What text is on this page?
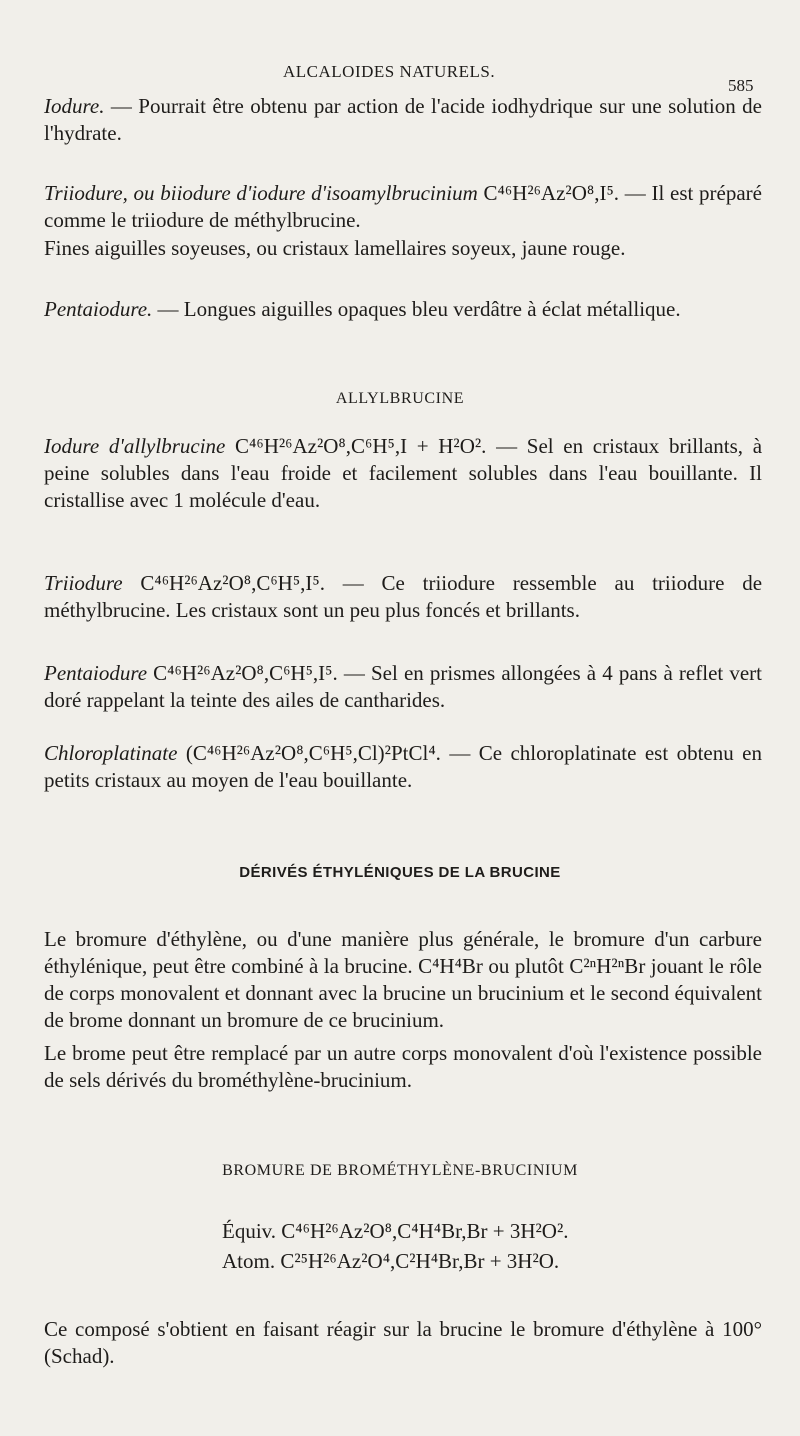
ALCALOIDES NATURELS.
585
Iodure. — Pourrait être obtenu par action de l'acide iodhydrique sur une solution de l'hydrate.
Triiodure, ou biiodure d'iodure d'isoamylbrucinium C⁴⁶H²⁶Az²O⁸,I⁵. — Il est préparé comme le triiodure de méthylbrucine.
Fines aiguilles soyeuses, ou cristaux lamellaires soyeux, jaune rouge.
Pentaiodure. — Longues aiguilles opaques bleu verdâtre à éclat métallique.
ALLYLBRUCINE
Iodure d'allylbrucine C⁴⁶H²⁶Az²O⁸,C⁶H⁵,I + H²O². — Sel en cristaux brillants, à peine solubles dans l'eau froide et facilement solubles dans l'eau bouillante. Il cristallise avec 1 molécule d'eau.
Triiodure C⁴⁶H²⁶Az²O⁸,C⁶H⁵,I⁵. — Ce triiodure ressemble au triiodure de méthylbrucine. Les cristaux sont un peu plus foncés et brillants.
Pentaiodure C⁴⁶H²⁶Az²O⁸,C⁶H⁵,I⁵. — Sel en prismes allongées à 4 pans à reflet vert doré rappelant la teinte des ailes de cantharides.
Chloroplatinate (C⁴⁶H²⁶Az²O⁸,C⁶H⁵,Cl)²PtCl⁴. — Ce chloroplatinate est obtenu en petits cristaux au moyen de l'eau bouillante.
DÉRIVÉS ÉTHYLÉNIQUES DE LA BRUCINE
Le bromure d'éthylène, ou d'une manière plus générale, le bromure d'un carbure éthylénique, peut être combiné à la brucine. C⁴H⁴Br ou plutôt C²ⁿH²ⁿBr jouant le rôle de corps monovalent et donnant avec la brucine un brucinium et le second équivalent de brome donnant un bromure de ce brucinium.
Le brome peut être remplacé par un autre corps monovalent d'où l'existence possible de sels dérivés du brométhylène-brucinium.
BROMURE DE BROMÉTHYLÈNE-BRUCINIUM
Équiv. C⁴⁶H²⁶Az²O⁸,C⁴H⁴Br,Br + 3H²O².
Atom. C²⁵H²⁶Az²O⁴,C²H⁴Br,Br + 3H²O.
Ce composé s'obtient en faisant réagir sur la brucine le bromure d'éthylène à 100° (Schad).
